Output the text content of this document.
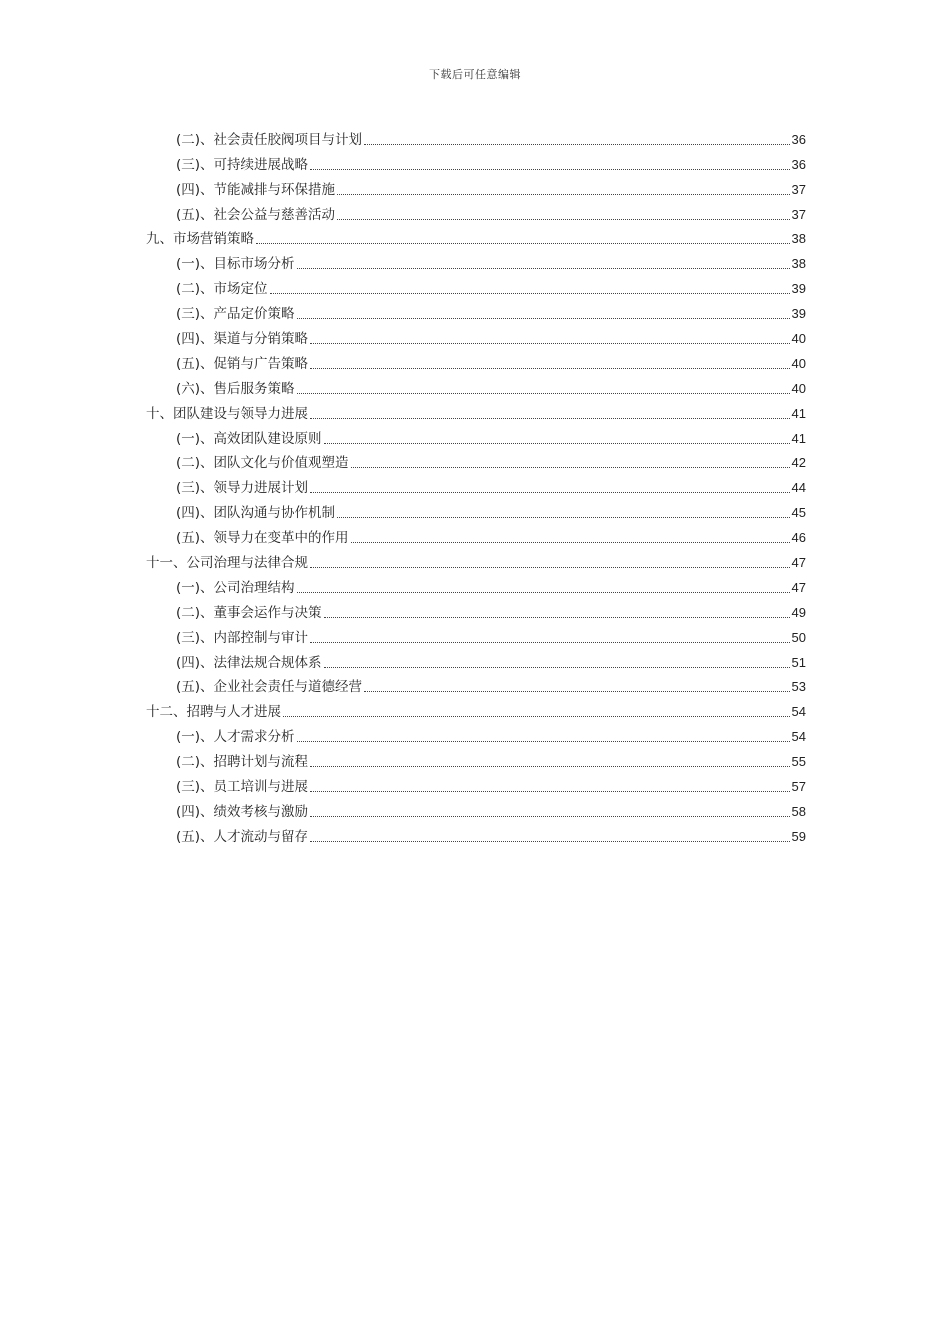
下载后可任意编辑
(二)、社会责任胶阀项目与计划	36
(三)、可持续进展战略	36
(四)、节能减排与环保措施	37
(五)、社会公益与慈善活动	37
九、市场营销策略	38
(一)、目标市场分析	38
(二)、市场定位	39
(三)、产品定价策略	39
(四)、渠道与分销策略	40
(五)、促销与广告策略	40
(六)、售后服务策略	40
十、团队建设与领导力进展	41
(一)、高效团队建设原则	41
(二)、团队文化与价值观塑造	42
(三)、领导力进展计划	44
(四)、团队沟通与协作机制	45
(五)、领导力在变革中的作用	46
十一、公司治理与法律合规	47
(一)、公司治理结构	47
(二)、董事会运作与决策	49
(三)、内部控制与审计	50
(四)、法律法规合规体系	51
(五)、企业社会责任与道德经营	53
十二、招聘与人才进展	54
(一)、人才需求分析	54
(二)、招聘计划与流程	55
(三)、员工培训与进展	57
(四)、绩效考核与激励	58
(五)、人才流动与留存	59
